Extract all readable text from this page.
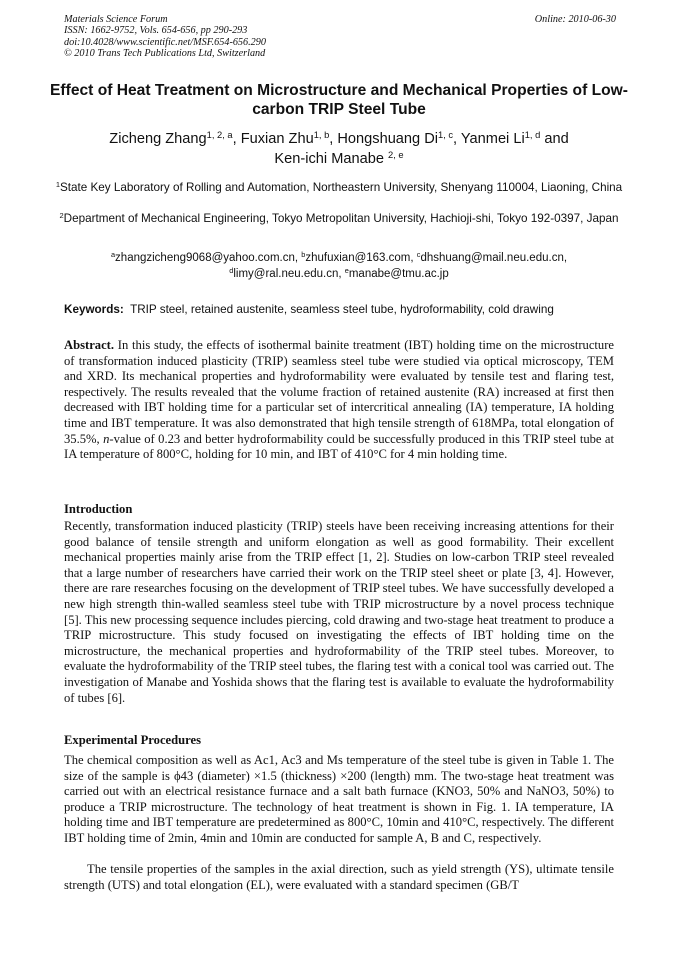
Materials Science Forum
ISSN: 1662-9752, Vols. 654-656, pp 290-293
doi:10.4028/www.scientific.net/MSF.654-656.290
© 2010 Trans Tech Publications Ltd, Switzerland
Online: 2010-06-30
Effect of Heat Treatment on Microstructure and Mechanical Properties of Low-carbon TRIP Steel Tube
Zicheng Zhang$^{1, 2, a}$, Fuxian Zhu$^{1, b}$, Hongshuang Di$^{1, c}$, Yanmei Li$^{1, d}$ and
Ken-ichi Manabe $^{2, e}$
$^1$State Key Laboratory of Rolling and Automation, Northeastern University, Shenyang 110004, Liaoning, China
$^2$Department of Mechanical Engineering, Tokyo Metropolitan University, Hachioji-shi, Tokyo 192-0397, Japan
$^a$zhangzicheng9068@yahoo.com.cn, $^b$zhufuxian@163.com, $^c$dhshuang@mail.neu.edu.cn,
$^d$limy@ral.neu.edu.cn, $^e$manabe@tmu.ac.jp
Keywords: TRIP steel, retained austenite, seamless steel tube, hydroformability, cold drawing
Abstract. In this study, the effects of isothermal bainite treatment (IBT) holding time on the microstructure of transformation induced plasticity (TRIP) seamless steel tube were studied via optical microscopy, TEM and XRD. Its mechanical properties and hydroformability were evaluated by tensile test and flaring test, respectively. The results revealed that the volume fraction of retained austenite (RA) increased at first then decreased with IBT holding time for a particular set of intercritical annealing (IA) temperature, IA holding time and IBT temperature. It was also demonstrated that high tensile strength of 618MPa, total elongation of 35.5%, n-value of 0.23 and better hydroformability could be successfully produced in this TRIP steel tube at IA temperature of 800°C, holding for 10 min, and IBT of 410°C for 4 min holding time.
Introduction
Recently, transformation induced plasticity (TRIP) steels have been receiving increasing attentions for their good balance of tensile strength and uniform elongation as well as good formability. Their excellent mechanical properties mainly arise from the TRIP effect [1, 2]. Studies on low-carbon TRIP steel revealed that a large number of researchers have carried their work on the TRIP steel sheet or plate [3, 4]. However, there are rare researches focusing on the development of TRIP steel tubes. We have successfully developed a new high strength thin-walled seamless steel tube with TRIP microstructure by a novel process technique [5]. This new processing sequence includes piercing, cold drawing and two-stage heat treatment to produce a TRIP microstructure. This study focused on investigating the effects of IBT holding time on the microstructure, the mechanical properties and hydroformability of the TRIP steel tubes. Moreover, to evaluate the hydroformability of the TRIP steel tubes, the flaring test with a conical tool was carried out. The investigation of Manabe and Yoshida shows that the flaring test is available to evaluate the hydroformability of tubes [6].
Experimental Procedures
The chemical composition as well as Ac1, Ac3 and Ms temperature of the steel tube is given in Table 1. The size of the sample is ϕ43 (diameter) ×1.5 (thickness) ×200 (length) mm. The two-stage heat treatment was carried out with an electrical resistance furnace and a salt bath furnace (KNO3, 50% and NaNO3, 50%) to produce a TRIP microstructure. The technology of heat treatment is shown in Fig. 1. IA temperature, IA holding time and IBT temperature are predetermined as 800°C, 10min and 410°C, respectively. The different IBT holding time of 2min, 4min and 10min are conducted for sample A, B and C, respectively.
The tensile properties of the samples in the axial direction, such as yield strength (YS), ultimate tensile strength (UTS) and total elongation (EL), were evaluated with a standard specimen (GB/T
